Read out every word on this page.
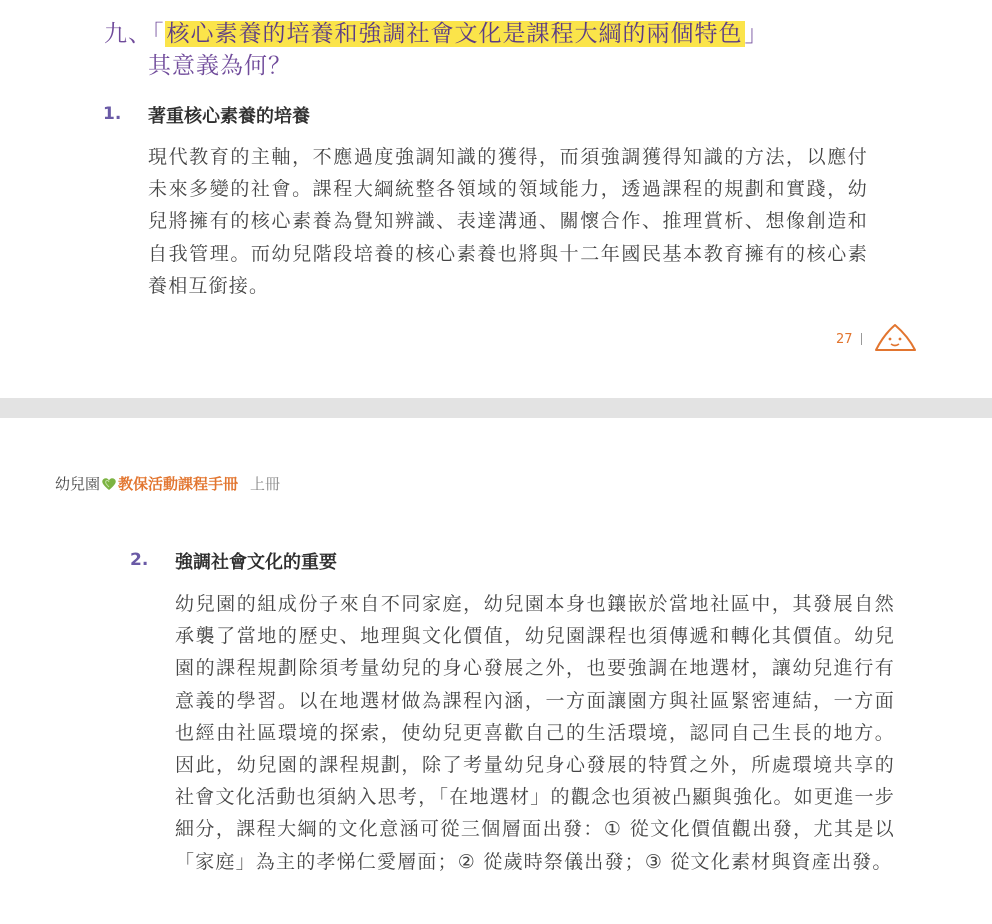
九、「核心素養的培養和強調社會文化是課程大綱的兩個特色」
其意義為何？
1. 著重核心素養的培養
現代教育的主軸，不應過度強調知識的獲得，而須強調獲得知識的方法，以應付未來多變的社會。課程大綱統整各領域的領域能力，透過課程的規劃和實踐，幼兒將擁有的核心素養為覺知辨識、表達溝通、關懷合作、推理賞析、想像創造和自我管理。而幼兒階段培養的核心素養也將與十二年國民基本教育擁有的核心素養相互銜接。
27
幼兒園 教保活動課程手冊 上冊
2. 強調社會文化的重要
幼兒園的組成份子來自不同家庭，幼兒園本身也鑲嵌於當地社區中，其發展自然承襲了當地的歷史、地理與文化價值，幼兒園課程也須傳遞和轉化其價值。幼兒園的課程規劃除須考量幼兒的身心發展之外，也要強調在地選材，讓幼兒進行有意義的學習。以在地選材做為課程內涵，一方面讓園方與社區緊密連結，一方面也經由社區環境的探索，使幼兒更喜歡自己的生活環境，認同自己生長的地方。因此，幼兒園的課程規劃，除了考量幼兒身心發展的特質之外，所處環境共享的社會文化活動也須納入思考，「在地選材」的觀念也須被凸顯與強化。如更進一步細分，課程大綱的文化意涵可從三個層面出發：① 從文化價值觀出發，尤其是以「家庭」為主的孝悌仁愛層面；② 從歲時祭儀出發；③ 從文化素材與資產出發。
